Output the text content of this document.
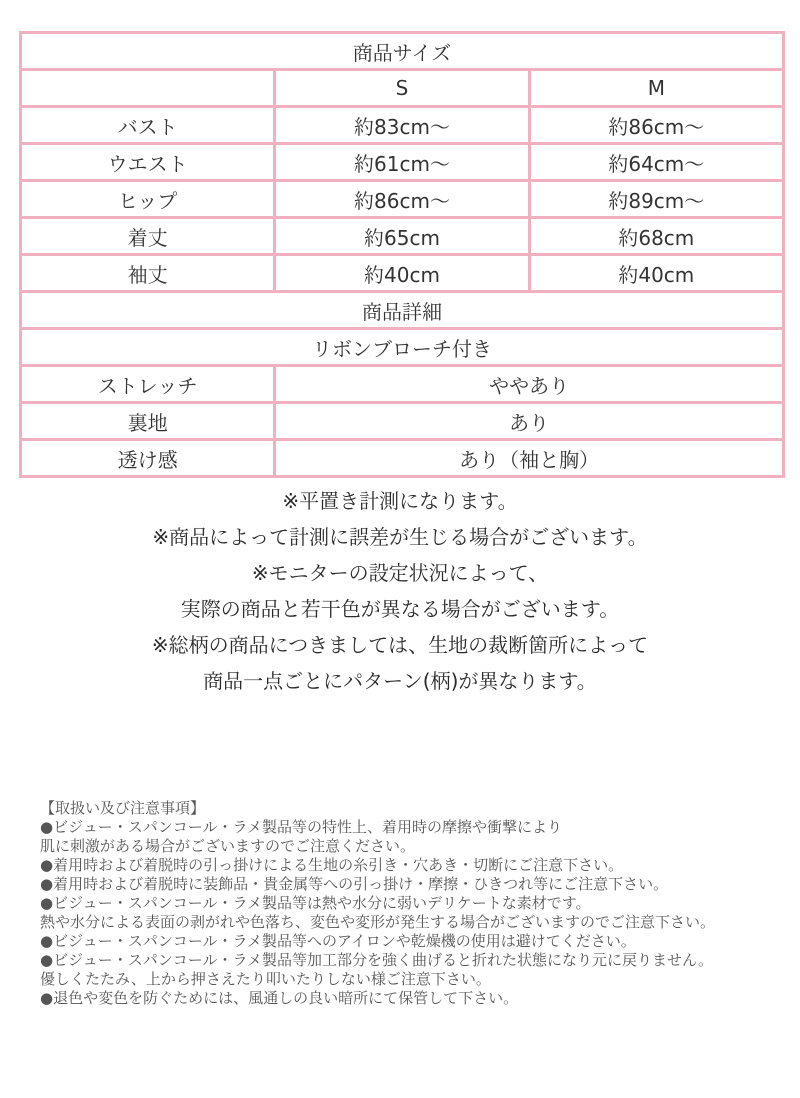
商品サイズ		
	S	M
バスト	約83cm～	約86cm～
ウエスト	約61cm～	約64cm～
ヒップ	約86cm～	約89cm～
着丈	約65cm	約68cm
袖丈	約40cm	約40cm
商品詳細		
リボンブローチ付き		
ストレッチ	ややあり	
裏地	あり	
透け感	あり（袖と胸）	
※平置き計測になります。
※商品によって計測に誤差が生じる場合がございます。
※モニターの設定状況によって、
実際の商品と若干色が異なる場合がございます。
※総柄の商品につきましては、生地の裁断箇所によって
商品一点ごとにパターン(柄)が異なります。
【取扱い及び注意事項】
●ビジュー・スパンコール・ラメ製品等の特性上、着用時の摩擦や衝撃により
肌に刺激がある場合がございますのでご注意ください。
●着用時および着脱時の引っ掛けによる生地の糸引き・穴あき・切断にご注意下さい。
●着用時および着脱時に装飾品・貴金属等への引っ掛け・摩擦・ひきつれ等にご注意下さい。
●ビジュー・スパンコール・ラメ製品等は熱や水分に弱いデリケートな素材です。
熱や水分による表面の剥がれや色落ち、変色や変形が発生する場合がございますのでご注意下さい。
●ビジュー・スパンコール・ラメ製品等へのアイロンや乾燥機の使用は避けてください。
●ビジュー・スパンコール・ラメ製品等加工部分を強く曲げると折れた状態になり元に戻りません。
優しくたたみ、上から押さえたり叩いたりしない様ご注意下さい。
●退色や変色を防ぐためには、風通しの良い暗所にて保管して下さい。
